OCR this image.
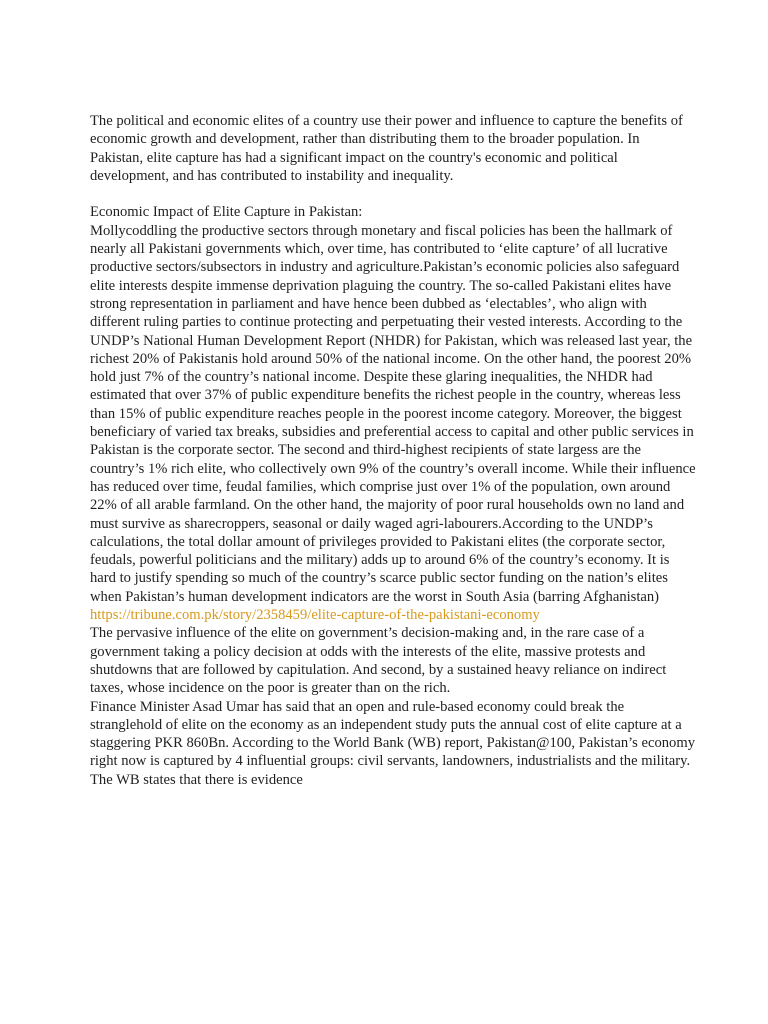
The political and economic elites of a country use their power and influence to capture the benefits of economic growth and development, rather than distributing them to the broader population. In Pakistan, elite capture has had a significant impact on the country's economic and political development, and has contributed to instability and inequality.

Economic Impact of Elite Capture in Pakistan:

Mollycoddling the productive sectors through monetary and fiscal policies has been the hallmark of nearly all Pakistani governments which, over time, has contributed to ‘elite capture’ of all lucrative productive sectors/subsectors in industry and agriculture.Pakistan’s economic policies also safeguard elite interests despite immense deprivation plaguing the country. The so-called Pakistani elites have strong representation in parliament and have hence been dubbed as ‘electables’, who align with different ruling parties to continue protecting and perpetuating their vested interests. According to the UNDP’s National Human Development Report (NHDR) for Pakistan, which was released last year, the richest 20% of Pakistanis hold around 50% of the national income. On the other hand, the poorest 20% hold just 7% of the country’s national income. Despite these glaring inequalities, the NHDR had estimated that over 37% of public expenditure benefits the richest people in the country, whereas less than 15% of public expenditure reaches people in the poorest income category. Moreover, the biggest beneficiary of varied tax breaks, subsidies and preferential access to capital and other public services in Pakistan is the corporate sector. The second and third-highest recipients of state largess are the country’s 1% rich elite, who collectively own 9% of the country’s overall income. While their influence has reduced over time, feudal families, which comprise just over 1% of the population, own around 22% of all arable farmland. On the other hand, the majority of poor rural households own no land and must survive as sharecroppers, seasonal or daily waged agri-labourers.According to the UNDP’s calculations, the total dollar amount of privileges provided to Pakistani elites (the corporate sector, feudals, powerful politicians and the military) adds up to around 6% of the country’s economy. It is hard to justify spending so much of the country’s scarce public sector funding on the nation’s elites when Pakistan’s human development indicators are the worst in South Asia (barring Afghanistan)

https://tribune.com.pk/story/2358459/elite-capture-of-the-pakistani-economy

The pervasive influence of the elite on government’s decision-making and, in the rare case of a government taking a policy decision at odds with the interests of the elite, massive protests and shutdowns that are followed by capitulation. And second, by a sustained heavy reliance on indirect taxes, whose incidence on the poor is greater than on the rich.

Finance Minister Asad Umar has said that an open and rule-based economy could break the stranglehold of elite on the economy as an independent study puts the annual cost of elite capture at a staggering PKR 860Bn. According to the World Bank (WB) report, Pakistan@100, Pakistan’s economy right now is captured by 4 influential groups: civil servants, landowners, industrialists and the military. The WB states that there is evidence
